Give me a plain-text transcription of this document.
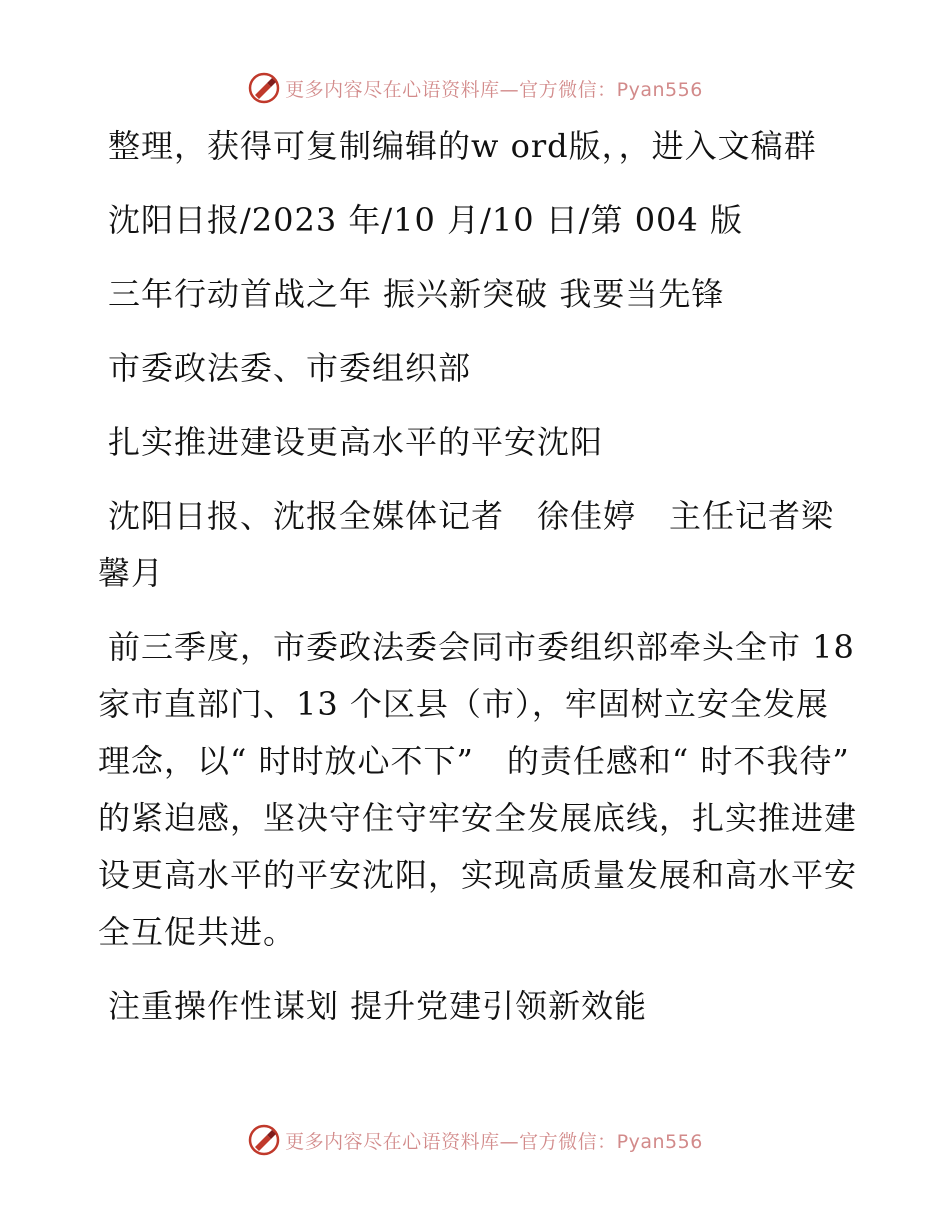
更多内容尽在心语资料库—官方微信：Pyan556

整理，获得可复制编辑的w ord版，，进入文稿群

沈阳日报/2023 年/10 月/10 日/第 004 版

三年行动首战之年 振兴新突破 我要当先锋

市委政法委、市委组织部

扎实推进建设更高水平的平安沈阳

沈阳日报、沈报全媒体记者　徐佳婷　主任记者梁馨月

前三季度，市委政法委会同市委组织部牵头全市 18 家市直部门、13 个区县（市），牢固树立安全发展理念，以“ 时时放心不下”　的责任感和“ 时不我待”　的紧迫感，坚决守住守牢安全发展底线，扎实推进建设更高水平的平安沈阳，实现高质量发展和高水平安全互促共进。

注重操作性谋划 提升党建引领新效能

更多内容尽在心语资料库—官方微信：Pyan556
